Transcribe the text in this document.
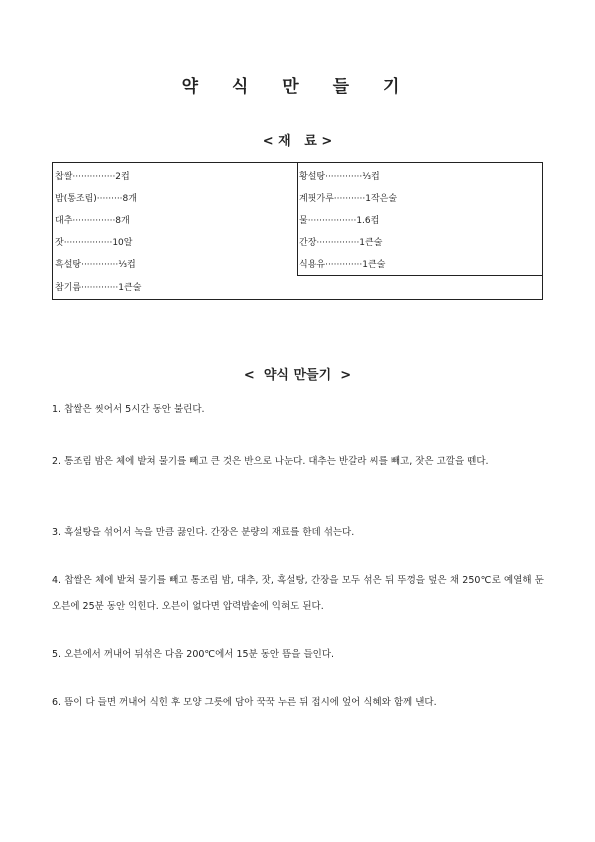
약 식 만 들 기
< 재   료 >
찹쌀···············2컵
밤(통조림)·········8개
대추···············8개
잣·················10알
흑설탕·············⅓컵
참기름·············1큰술
황설탕·············⅓컵
계핏가루···········1작은술
물·················1.6컵
간장···············1큰술
식용유·············1큰술
<  약식 만들기  >

1. 찹쌀은 씻어서 5시간 동안 불린다.

2. 통조림 밤은 체에 밭쳐 물기를 빼고 큰 것은 반으로 나눈다. 대추는 반갈라 씨를 빼고, 잣은 고깔을 뗀다.

3. 흑설탕을 섞어서 녹을 만큼 끓인다. 간장은 분량의 재료를 한데 섞는다.

4. 찹쌀은 체에 밭쳐 물기를 빼고 통조림 밤, 대추, 잣, 흑설탕, 간장을 모두 섞은 뒤 뚜껑을 덮은 채 250℃로 예열해 둔 오븐에 25분 동안 익힌다. 오븐이 없다면 압력밥솥에 익혀도 된다.

5. 오븐에서 꺼내어 뒤섞은 다음 200℃에서 15분 동안 뜸을 들인다.

6. 뜸이 다 들면 꺼내어 식힌 후 모양 그릇에 담아 꾹꾹 누른 뒤 접시에 엎어 식혜와 함께 낸다.
